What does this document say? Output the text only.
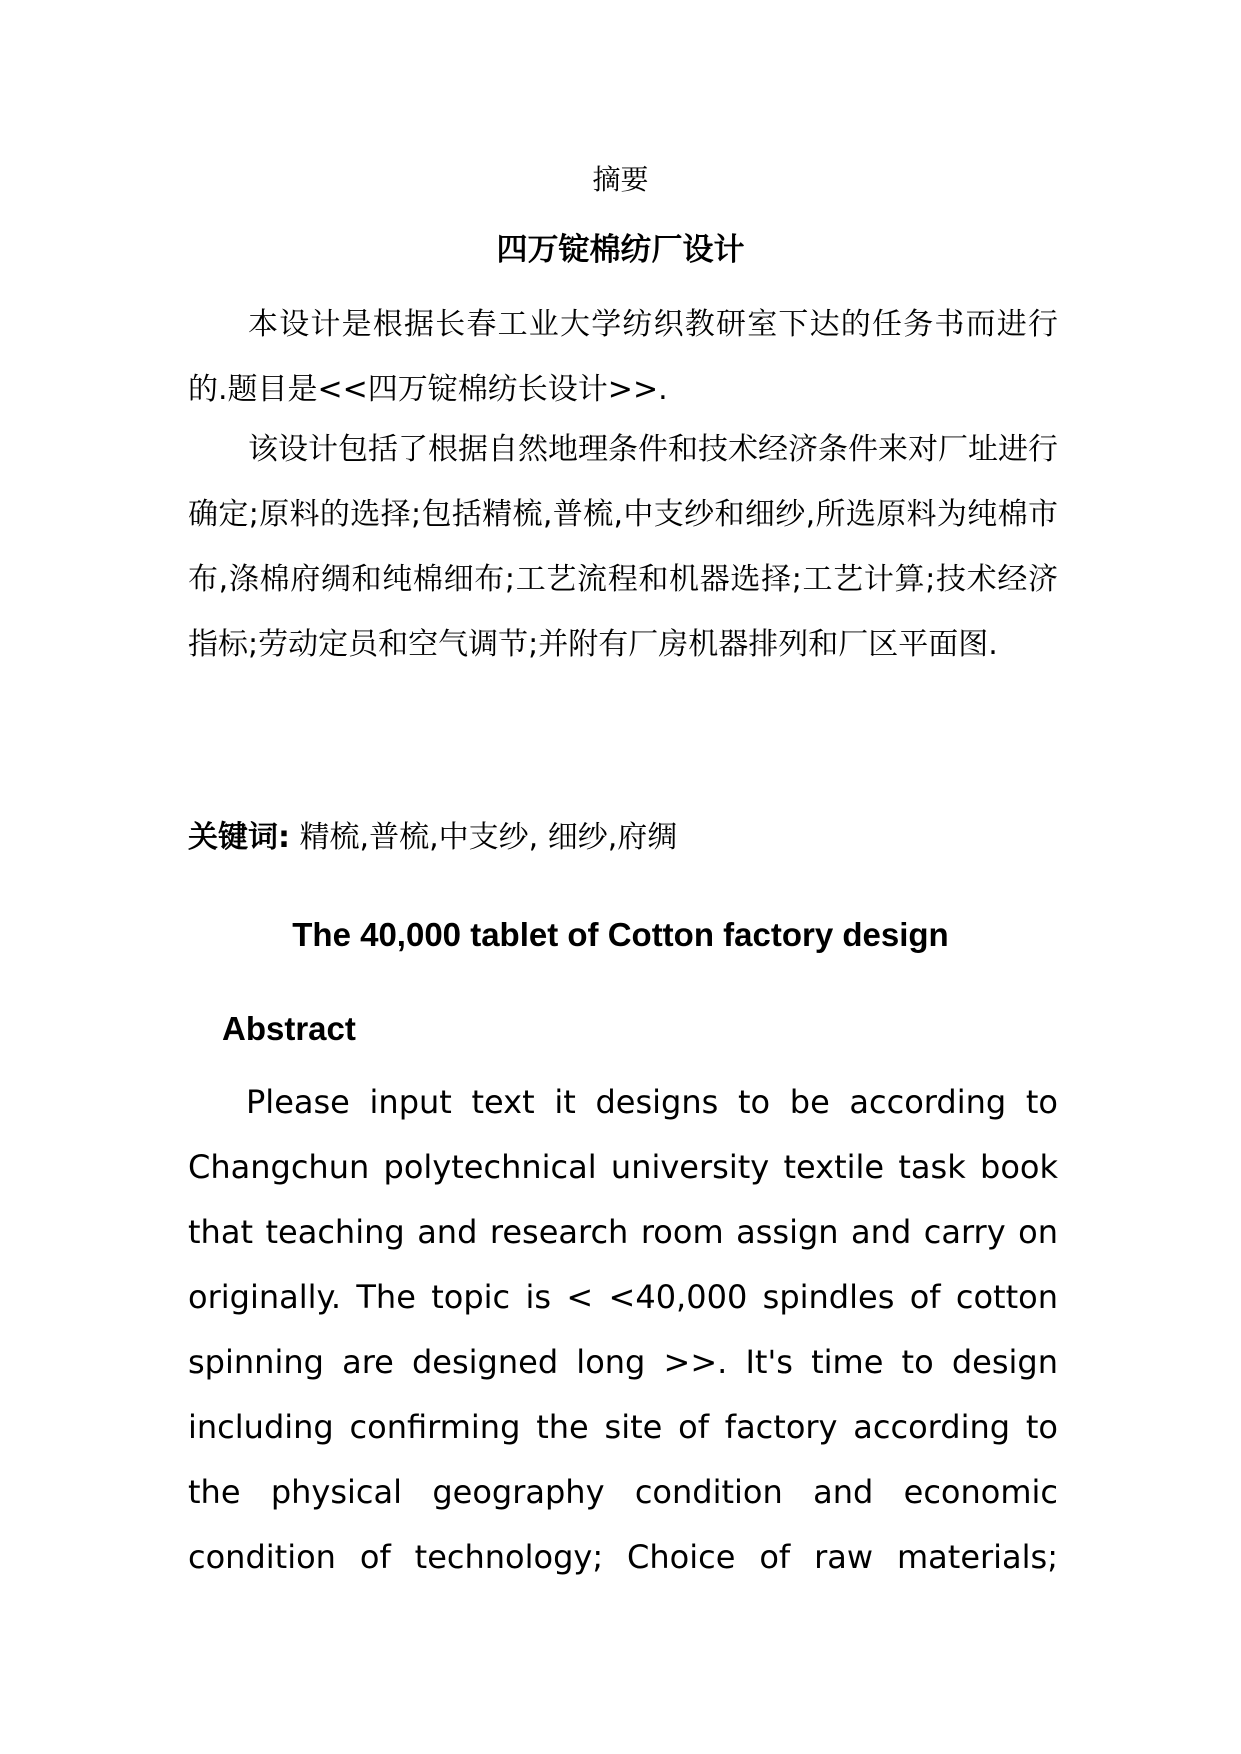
摘要
四万锭棉纺厂设计

本设计是根据长春工业大学纺织教研室下达的任务书而进行的.题目是<<四万锭棉纺长设计>>.

该设计包括了根据自然地理条件和技术经济条件来对厂址进行确定;原料的选择;包括精梳,普梳,中支纱和细纱,所选原料为纯棉市布,涤棉府绸和纯棉细布;工艺流程和机器选择;工艺计算;技术经济指标;劳动定员和空气调节;并附有厂房机器排列和厂区平面图.

关键词: 精梳,普梳,中支纱, 细纱,府绸
The 40,000 tablet of Cotton factory design
Abstract

Please input text it designs to be according to Changchun polytechnical university textile task book that teaching and research room assign and carry on originally. The topic is < <40,000 spindles of cotton spinning are designed long >>. It's time to design including confirming the site of factory according to the physical geography condition and economic condition of technology; Choice of raw materials;
